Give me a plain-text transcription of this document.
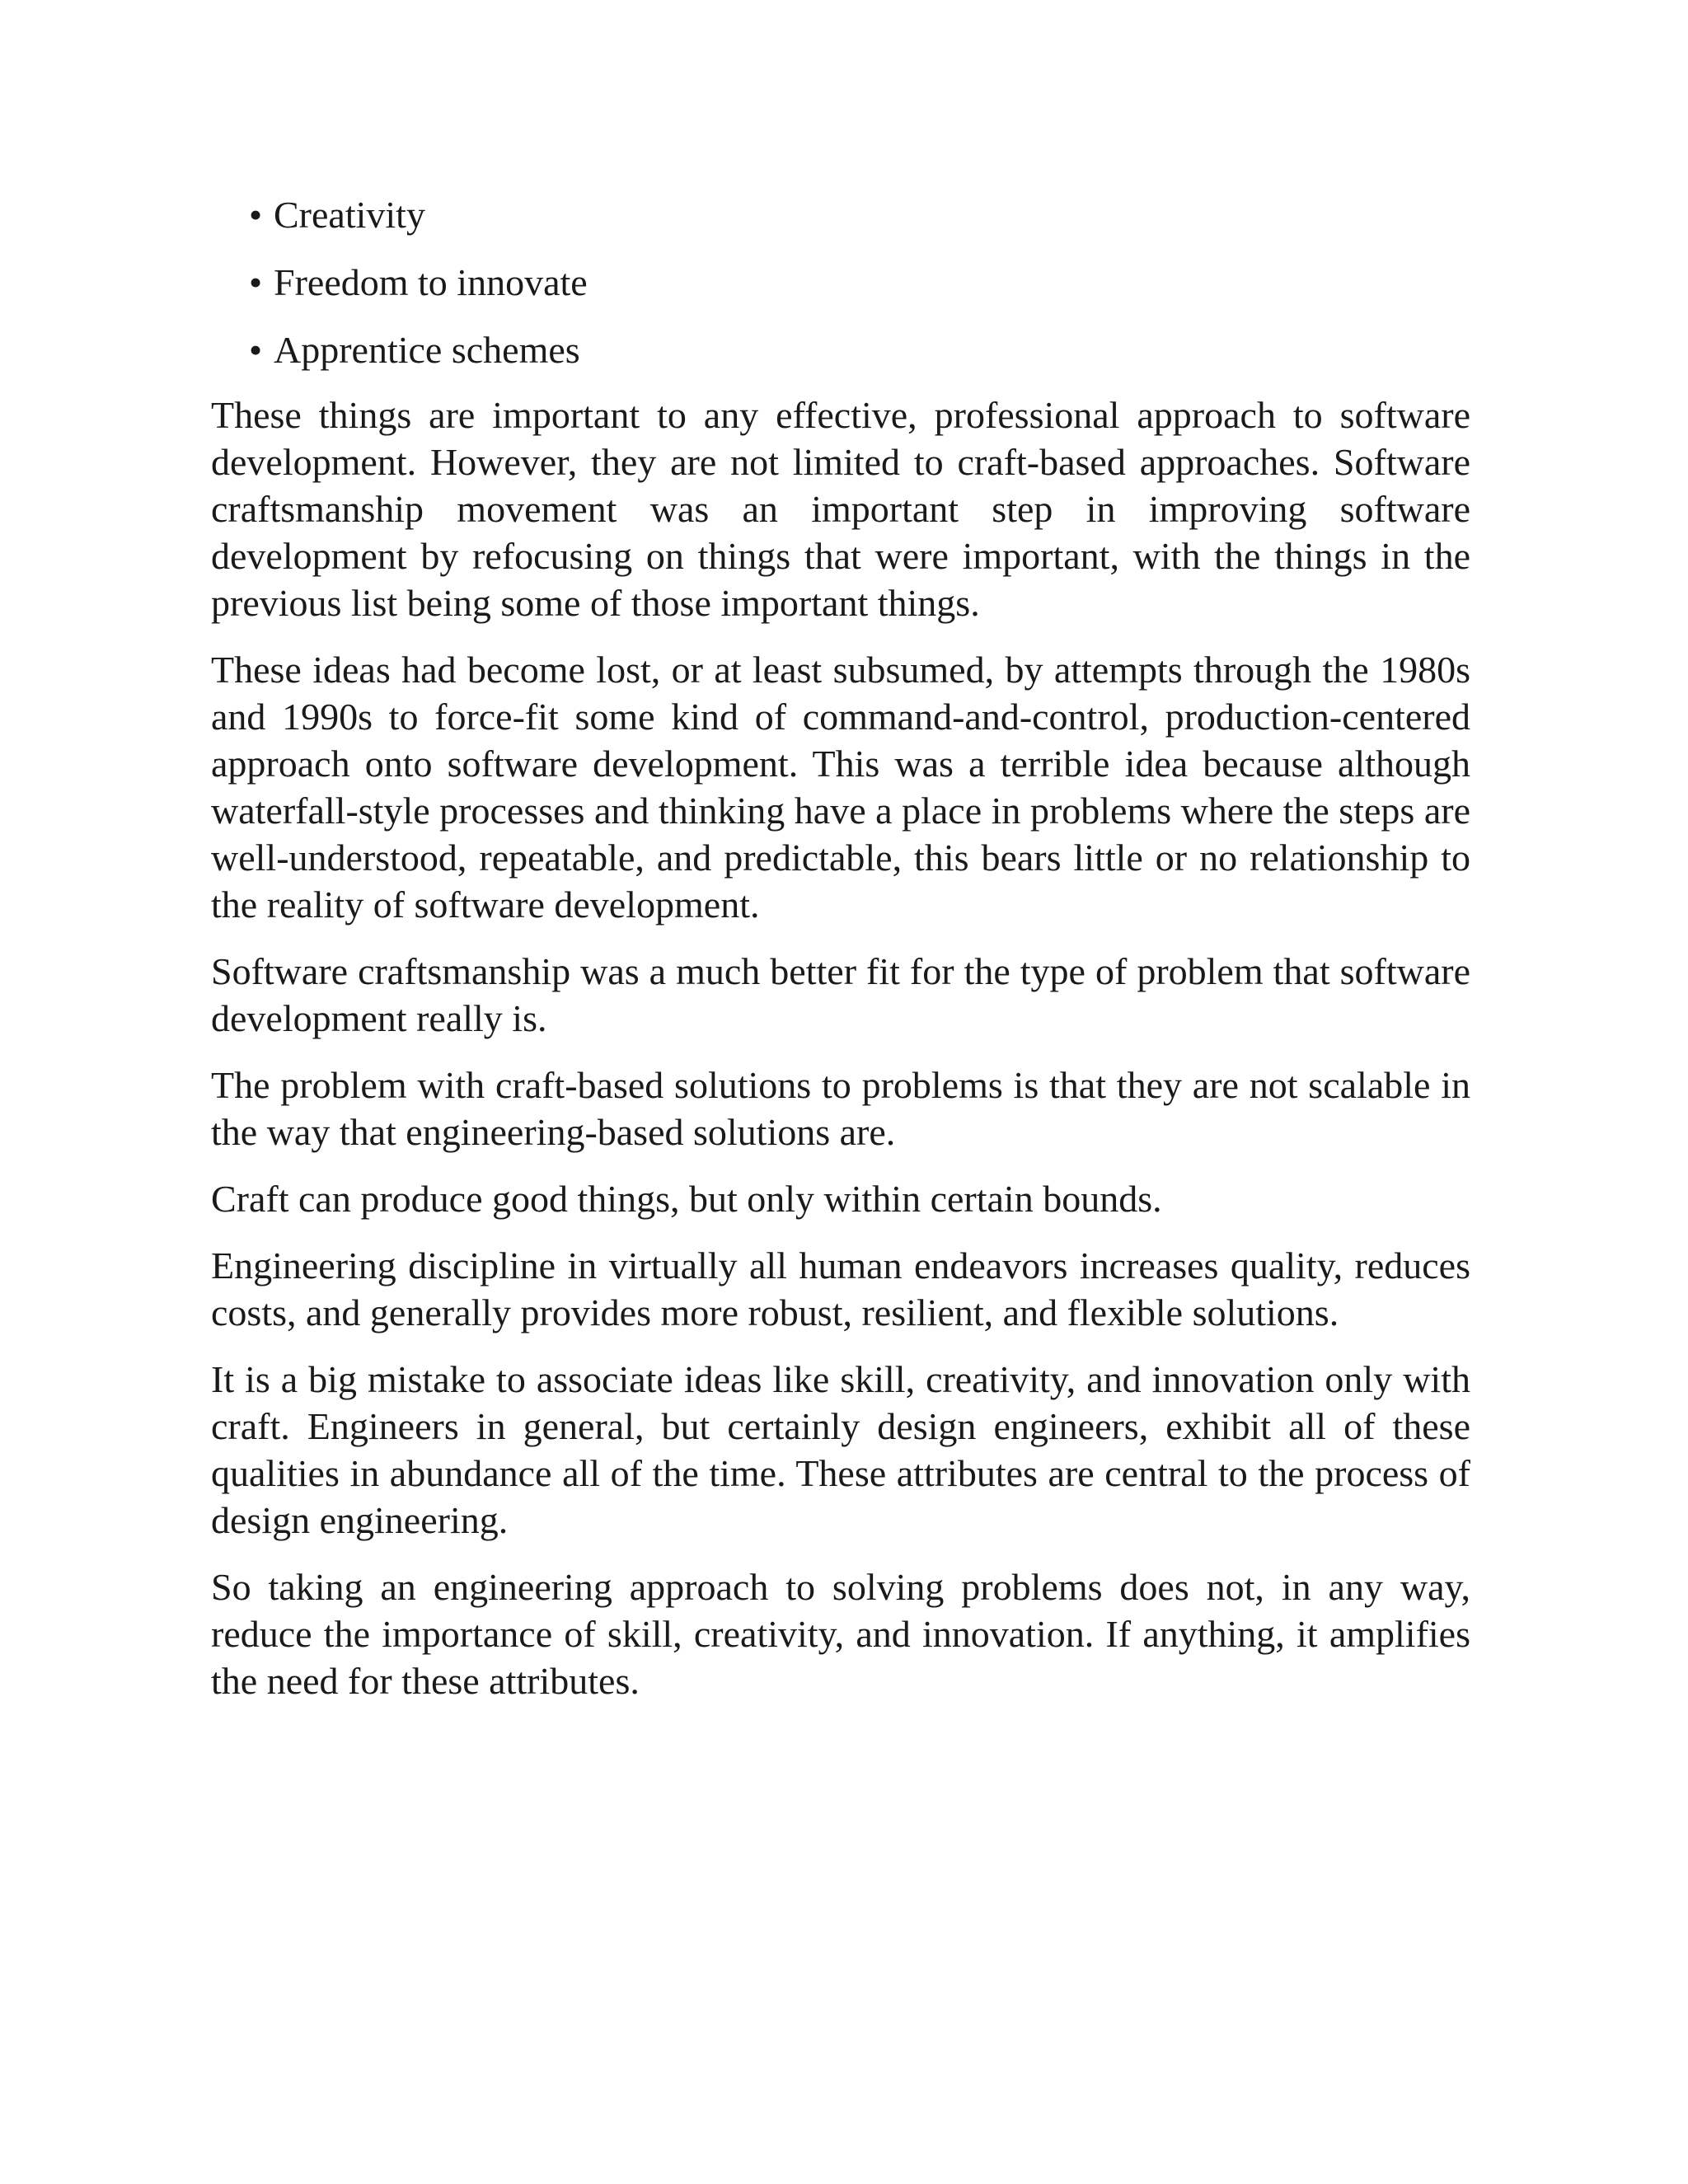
• Creativity
• Freedom to innovate
• Apprentice schemes

These things are important to any effective, professional approach to software development. However, they are not limited to craft-based approaches. Software craftsmanship movement was an important step in improving software development by refocusing on things that were important, with the things in the previous list being some of those important things.

These ideas had become lost, or at least subsumed, by attempts through the 1980s and 1990s to force-fit some kind of command-and-control, production-centered approach onto software development. This was a terrible idea because although waterfall-style processes and thinking have a place in problems where the steps are well-understood, repeatable, and predictable, this bears little or no relationship to the reality of software development.

Software craftsmanship was a much better fit for the type of problem that software development really is.

The problem with craft-based solutions to problems is that they are not scalable in the way that engineering-based solutions are.

Craft can produce good things, but only within certain bounds.

Engineering discipline in virtually all human endeavors increases quality, reduces costs, and generally provides more robust, resilient, and flexible solutions.

It is a big mistake to associate ideas like skill, creativity, and innovation only with craft. Engineers in general, but certainly design engineers, exhibit all of these qualities in abundance all of the time. These attributes are central to the process of design engineering.

So taking an engineering approach to solving problems does not, in any way, reduce the importance of skill, creativity, and innovation. If anything, it amplifies the need for these attributes.
